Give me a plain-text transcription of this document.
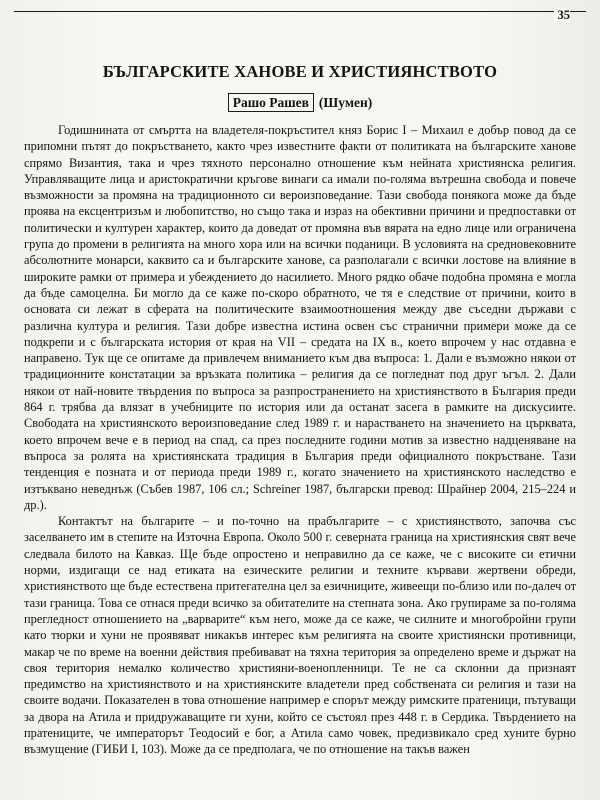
35
БЪЛГАРСКИТЕ ХАНОВЕ И ХРИСТИЯНСТВОТО
Рашо Рашев (Шумен)

Годишнината от смъртта на владетеля-покръстител княз Борис I – Михаил е добър повод да се припомни пътят до покръстването, както чрез известните факти от политиката на българските ханове спрямо Византия, така и чрез тяхното персонално отношение към нейната християнска религия. Управляващите лица и аристократични кръгове винаги са имали по-голяма вътрешна свобода и повече възможности за промяна на традиционното си вероизповедание. Тази свобода понякога може да бъде проява на ексцентризъм и любопитство, но също така и израз на обективни причини и предпоставки от политически и културен характер, които да доведат от промяна във вярата на едно лице или ограничена група до промени в религията на много хора или на всички поданици. В условията на средновековните абсолютните монарси, каквито са и българските ханове, са разполагали с всички лостове на влияние в широките рамки от примера и убеждението до насилието. Много рядко обаче подобна промяна е могла да бъде самоцелна. Би могло да се каже по-скоро обратното, че тя е следствие от причини, които в основата си лежат в сферата на политическите взаимоотношения между две съседни държави с различна култура и религия. Тази добре известна истина освен със странични примери може да се подкрепи и с българската история от края на VII – средата на IX в., което впрочем у нас отдавна е направено. Тук ще се опитаме да привлечем вниманието към два въпроса: 1. Дали е възможно някои от традиционните констатации за връзката политика – религия да се погледнат под друг ъгъл. 2. Дали някои от най-новите твърдения по въпроса за разпространението на християнството в България преди 864 г. трябва да влязат в учебниците по история или да останат засега в рамките на дискусиите. Свободата на християнското вероизповедание след 1989 г. и нарастването на значението на църквата, което впрочем вече е в период на спад, са през последните години мотив за известно надценяване на въпроса за ролята на християнската традиция в България преди официалното покръстване. Тази тенденция е позната и от периода преди 1989 г., когато значението на християнското наследство е изтъквано неведнъж (Събев 1987, 106 сл.; Schreiner 1987, български превод: Шрайнер 2004, 215–224 и др.).

Контактът на българите – и по-точно на прабългарите – с християнството, започва със заселването им в степите на Източна Европа. Около 500 г. северната граница на християнския свят вече следвала билото на Кавказ. Ще бъде опростено и неправилно да се каже, че с високите си етични норми, издигащи се над етиката на езическите религии и техните кървави жертвени обреди, християнството ще бъде естествена притегателна цел за езичниците, живеещи по-близо или по-далеч от тази граница. Това се отнася преди всичко за обитателите на степната зона. Ако групираме за по-голяма прегледност отношението на „варварите“ към него, може да се каже, че силните и многобройни групи като тюрки и хуни не проявяват никакъв интерес към религията на своите християнски противници, макар че по време на военни действия пребивават на тяхна територия за определено време и държат на своя територия немалко количество християни-военопленници. Те не са склонни да признаят предимство на християнството и на християнските владетели пред собствената си религия и тази на своите водачи. Показателен в това отношение например е спорът между римските пратеници, пътуващи за двора на Атила и придружаващите ги хуни, който се състоял през 448 г. в Сердика. Твърдението на пратениците, че императорът Теодосий е бог, а Атила само човек, предизвикало сред хуните бурно възмущение (ГИБИ I, 103). Може да се предполага, че по отношение на такъв важен
